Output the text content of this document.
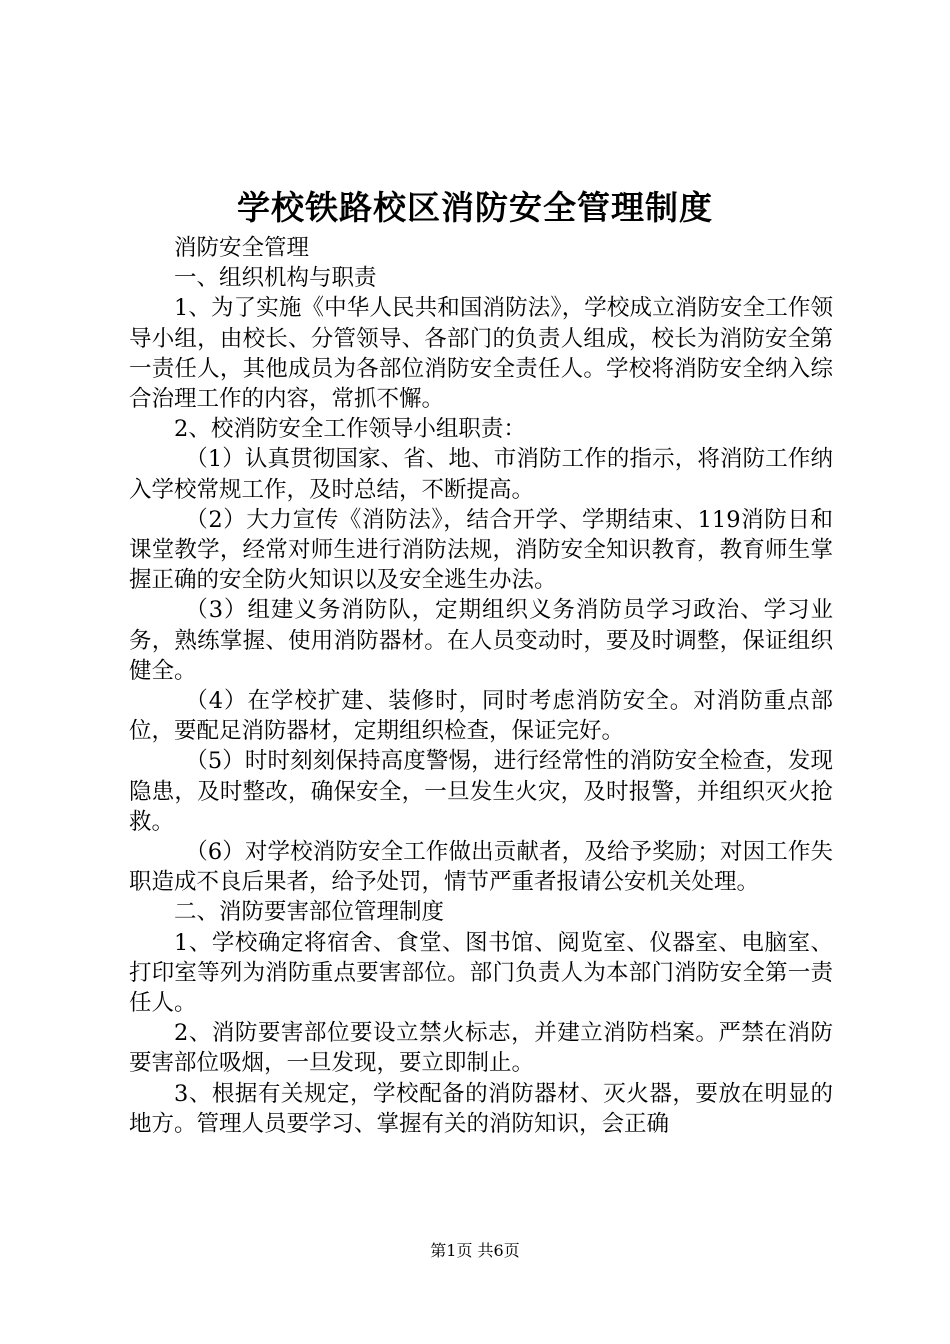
学校铁路校区消防安全管理制度

消防安全管理

一、组织机构与职责

1、为了实施《中华人民共和国消防法》，学校成立消防安全工作领导小组，由校长、分管领导、各部门的负责人组成，校长为消防安全第一责任人，其他成员为各部位消防安全责任人。学校将消防安全纳入综合治理工作的内容，常抓不懈。

2、校消防安全工作领导小组职责：

（1）认真贯彻国家、省、地、市消防工作的指示，将消防工作纳入学校常规工作，及时总结，不断提高。

（2）大力宣传《消防法》，结合开学、学期结束、119消防日和课堂教学，经常对师生进行消防法规，消防安全知识教育，教育师生掌握正确的安全防火知识以及安全逃生办法。

（3）组建义务消防队，定期组织义务消防员学习政治、学习业务，熟练掌握、使用消防器材。在人员变动时，要及时调整，保证组织健全。

（4）在学校扩建、装修时，同时考虑消防安全。对消防重点部位，要配足消防器材，定期组织检查，保证完好。

（5）时时刻刻保持高度警惕，进行经常性的消防安全检查，发现隐患，及时整改，确保安全，一旦发生火灾，及时报警，并组织灭火抢救。

（6）对学校消防安全工作做出贡献者，及给予奖励；对因工作失职造成不良后果者，给予处罚，情节严重者报请公安机关处理。

二、消防要害部位管理制度

1、学校确定将宿舍、食堂、图书馆、阅览室、仪器室、电脑室、打印室等列为消防重点要害部位。部门负责人为本部门消防安全第一责任人。

2、消防要害部位要设立禁火标志，并建立消防档案。严禁在消防要害部位吸烟，一旦发现，要立即制止。

3、根据有关规定，学校配备的消防器材、灭火器，要放在明显的地方。管理人员要学习、掌握有关的消防知识，会正确

第1页 共6页
